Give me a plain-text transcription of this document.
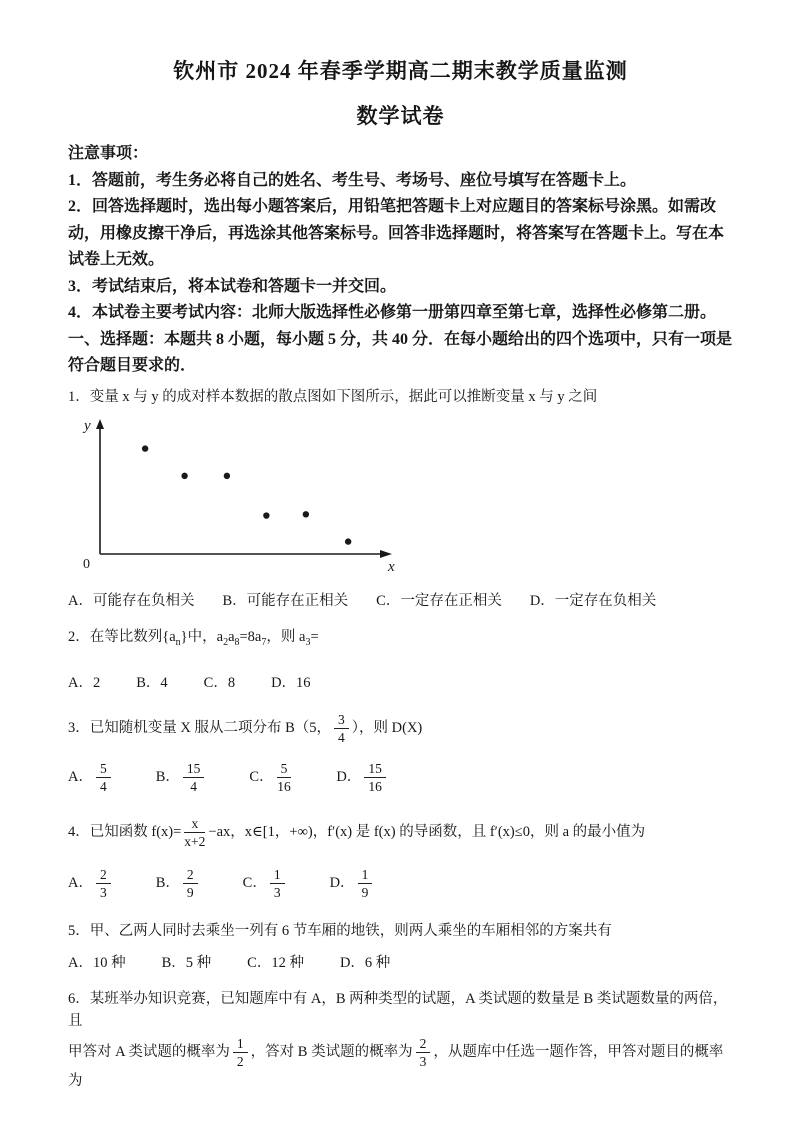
钦州市 2024 年春季学期高二期末教学质量监测

数学试卷

注意事项：

1．答题前，考生务必将自己的姓名、考生号、考场号、座位号填写在答题卡上。

2．回答选择题时，选出每小题答案后，用铅笔把答题卡上对应题目的答案标号涂黑。如需改动，用橡皮擦干净后，再选涂其他答案标号。回答非选择题时，将答案写在答题卡上。写在本试卷上无效。

3．考试结束后，将本试卷和答题卡一并交回。

4．本试卷主要考试内容：北师大版选择性必修第一册第四章至第七章，选择性必修第二册。

一、选择题：本题共 8 小题，每小题 5 分，共 40 分．在每小题给出的四个选项中，只有一项是符合题目要求的．

1．变量 x 与 y 的成对样本数据的散点图如下图所示，据此可以推断变量 x 与 y 之间

y
0	x
A．可能存在负相关 B．可能存在正相关 C．一定存在正相关 D．一定存在负相关

2．在等比数列$\{a_n\}$中，$a_2a_8=8a_7$，则 $a_3=$

A．2 B．4 C．8 D．16

3．已知随机变量 X 服从二项分布 B（5， $\frac{3}{4}$ ），则 D(X)

A． $\frac{5}{4}$	B． $\frac{15}{4}$	C． $\frac{5}{16}$	D． $\frac{15}{16}$

4．已知函数 $f(x)= \frac{x}{x+2} -ax$，x∈[1，+∞)，f′(x) 是 f(x) 的导函数，且 f′(x)≤0，则 a 的最小值为

A． $\frac{2}{3}$	B． $\frac{2}{9}$	C． $\frac{1}{3}$	D． $\frac{1}{9}$

5．甲、乙两人同时去乘坐一列有 6 节车厢的地铁，则两人乘坐的车厢相邻的方案共有

A．10 种 B．5 种 C．12 种 D．6 种

6．某班举办知识竞赛，已知题库中有 A，B 两种类型的试题，A 类试题的数量是 B 类试题数量的两倍，且

甲答对 A 类试题的概率为 $\frac{1}{2}$ ，答对 B 类试题的概率为 $\frac{2}{3}$ ，从题库中任选一题作答，甲答对题目的概率为
